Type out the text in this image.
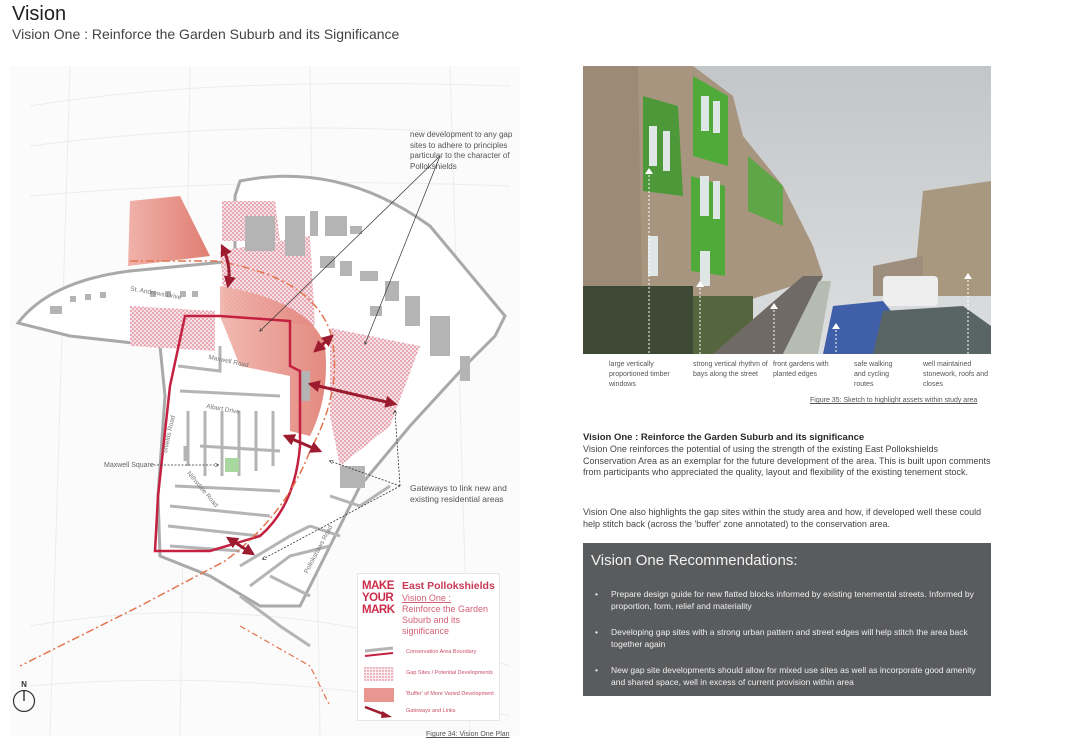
Vision
Vision One : Reinforce the Garden Suburb and its Significance
new development to any gap sites to adhere to principles particular to the character of Pollokshields
Gateways to link new and existing residential areas
Maxwell Square
St. Andrews Drive
Maxwell Road
Albert Drive
Shields Road
Nithsdale Road
Pollokshaws Road
MAKE
YOUR
MARK
East Pollokshields
Vision One :
Reinforce the Garden Suburb and its significance
Conservation Area Boundary
Gap Sites / Potential Developments
'Buffer' of More Varied Development
Gateways and Links
N
Figure 34: Vision One Plan
large vertically proportioned timber windows
strong vertical rhythm of bays along the street
front gardens with planted edges
safe walking and cycling routes
well maintained stonework, roofs and closes
Figure 35: Sketch to highlight assets within study area
Vision One : Reinforce the Garden Suburb and its significance

Vision One reinforces the potential of using the strength of the existing East Pollokshields Conservation Area as an exemplar for the future development of the area. This is built upon comments from participants who appreciated the quality, layout and flexibility of the existing tenement stock.

Vision One also highlights the gap sites within the study area and how, if developed well these could help stitch back (across the 'buffer' zone annotated) to the conservation area.

Vision One Recommendations:
• Prepare design guide for new flatted blocks informed by existing tenemental streets. Informed by proportion, form, relief and materiality
• Developing gap sites with a strong urban pattern and street edges will help stitch the area back together again
• New gap site developments should allow for mixed use sites as well as incorporate good amenity and shared space, well in excess of current provision within area
